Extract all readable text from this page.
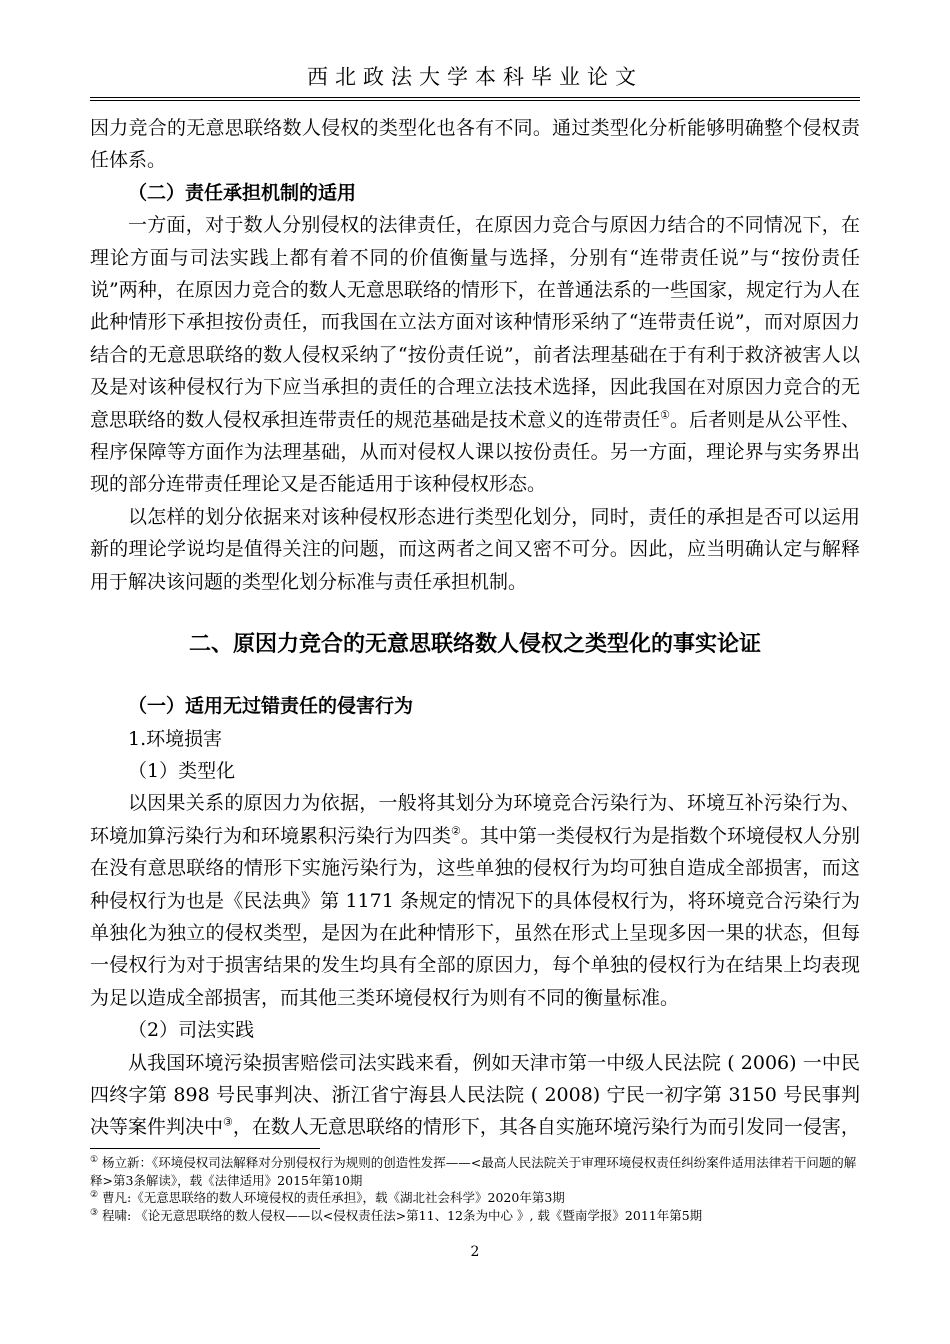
西北政法大学本科毕业论文

因力竞合的无意思联络数人侵权的类型化也各有不同。通过类型化分析能够明确整个侵权责任体系。

（二）责任承担机制的适用

一方面，对于数人分别侵权的法律责任，在原因力竞合与原因力结合的不同情况下，在理论方面与司法实践上都有着不同的价值衡量与选择，分别有“连带责任说”与“按份责任说”两种，在原因力竞合的数人无意思联络的情形下，在普通法系的一些国家，规定行为人在此种情形下承担按份责任，而我国在立法方面对该种情形采纳了“连带责任说”，而对原因力结合的无意思联络的数人侵权采纳了“按份责任说”，前者法理基础在于有利于救济被害人以及是对该种侵权行为下应当承担的责任的合理立法技术选择，因此我国在对原因力竞合的无意思联络的数人侵权承担连带责任的规范基础是技术意义的连带责任①。后者则是从公平性、程序保障等方面作为法理基础，从而对侵权人课以按份责任。另一方面，理论界与实务界出现的部分连带责任理论又是否能适用于该种侵权形态。

以怎样的划分依据来对该种侵权形态进行类型化划分，同时，责任的承担是否可以运用新的理论学说均是值得关注的问题，而这两者之间又密不可分。因此，应当明确认定与解释用于解决该问题的类型化划分标准与责任承担机制。

二、原因力竞合的无意思联络数人侵权之类型化的事实论证

（一）适用无过错责任的侵害行为

1.环境损害

（1）类型化

以因果关系的原因力为依据，一般将其划分为环境竞合污染行为、环境互补污染行为、环境加算污染行为和环境累积污染行为四类②。其中第一类侵权行为是指数个环境侵权人分别在没有意思联络的情形下实施污染行为，这些单独的侵权行为均可独自造成全部损害，而这种侵权行为也是《民法典》第 1171 条规定的情况下的具体侵权行为，将环境竞合污染行为单独化为独立的侵权类型，是因为在此种情形下，虽然在形式上呈现多因一果的状态，但每一侵权行为对于损害结果的发生均具有全部的原因力，每个单独的侵权行为在结果上均表现为足以造成全部损害，而其他三类环境侵权行为则有不同的衡量标准。

（2）司法实践

从我国环境污染损害赔偿司法实践来看，例如天津市第一中级人民法院 ( 2006) 一中民四终字第 898 号民事判决、浙江省宁海县人民法院 ( 2008) 宁民一初字第 3150 号民事判决等案件判决中③，在数人无意思联络的情形下，其各自实施环境污染行为而引发同一侵害，

① 杨立新：《环境侵权司法解释对分别侵权行为规则的创造性发挥——<最高人民法院关于审理环境侵权责任纠纷案件适用法律若干问题的解释>第3条解读》，载《法律适用》2015年第10期

② 曹凡:《无意思联络的数人环境侵权的责任承担》，载《湖北社会科学》2020年第3期

③ 程啸: 《论无意思联络的数人侵权——以<侵权责任法>第11、12条为中心 》, 载《暨南学报》2011年第5期

2
